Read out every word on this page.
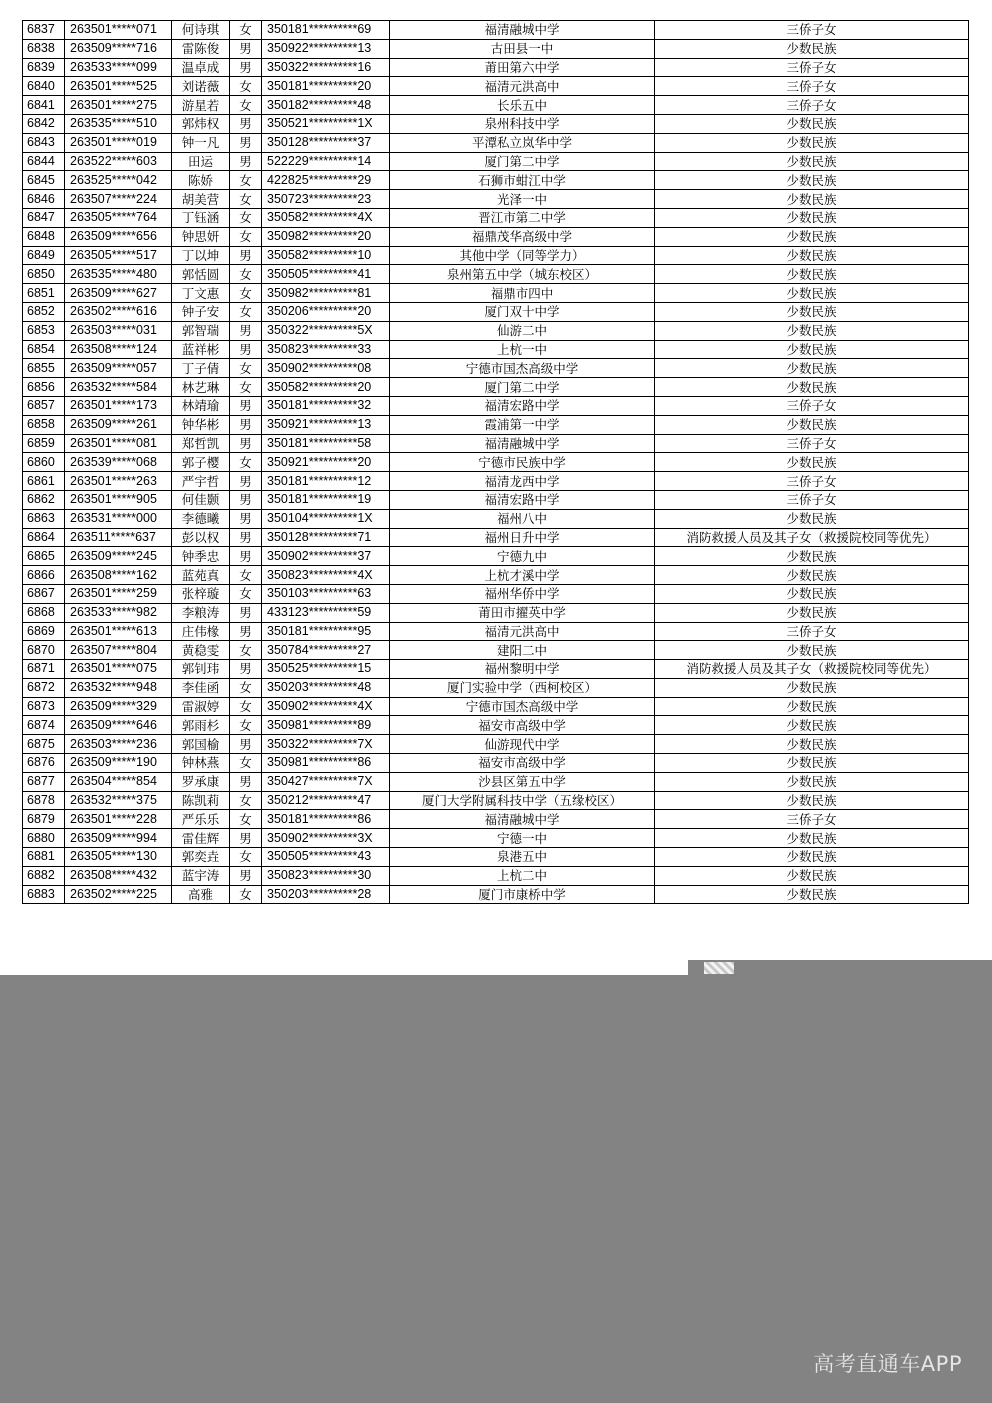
6837	263501*****071	何诗琪	女	350181**********69	福清融城中学	三侨子女
6838	263509*****716	雷陈俊	男	350922**********13	古田县一中	少数民族
6839	263533*****099	温卓成	男	350322**********16	莆田第六中学	三侨子女
6840	263501*****525	刘诺薇	女	350181**********20	福清元洪高中	三侨子女
6841	263501*****275	游星若	女	350182**********48	长乐五中	三侨子女
6842	263535*****510	郭炜权	男	350521**********1X	泉州科技中学	少数民族
6843	263501*****019	钟一凡	男	350128**********37	平潭私立岚华中学	少数民族
6844	263522*****603	田运	男	522229**********14	厦门第二中学	少数民族
6845	263525*****042	陈娇	女	422825**********29	石狮市蚶江中学	少数民族
6846	263507*****224	胡美营	女	350723**********23	光泽一中	少数民族
6847	263505*****764	丁钰涵	女	350582**********4X	晋江市第二中学	少数民族
6848	263509*****656	钟思妍	女	350982**********20	福鼎茂华高级中学	少数民族
6849	263505*****517	丁以坤	男	350582**********10	其他中学（同等学力）	少数民族
6850	263535*****480	郭恬圆	女	350505**********41	泉州第五中学（城东校区）	少数民族
6851	263509*****627	丁文惠	女	350982**********81	福鼎市四中	少数民族
6852	263502*****616	钟子安	女	350206**********20	厦门双十中学	少数民族
6853	263503*****031	郭智瑞	男	350322**********5X	仙游二中	少数民族
6854	263508*****124	蓝祥彬	男	350823**********33	上杭一中	少数民族
6855	263509*****057	丁子倩	女	350902**********08	宁德市国杰高级中学	少数民族
6856	263532*****584	林艺琳	女	350582**********20	厦门第二中学	少数民族
6857	263501*****173	林靖瑜	男	350181**********32	福清宏路中学	三侨子女
6858	263509*****261	钟华彬	男	350921**********13	霞浦第一中学	少数民族
6859	263501*****081	郑哲凯	男	350181**********58	福清融城中学	三侨子女
6860	263539*****068	郭子樱	女	350921**********20	宁德市民族中学	少数民族
6861	263501*****263	严宇哲	男	350181**********12	福清龙西中学	三侨子女
6862	263501*****905	何佳颢	男	350181**********19	福清宏路中学	三侨子女
6863	263531*****000	李德曦	男	350104**********1X	福州八中	少数民族
6864	263511*****637	彭以权	男	350128**********71	福州日升中学	消防救援人员及其子女（救援院校同等优先）
6865	263509*****245	钟季忠	男	350902**********37	宁德九中	少数民族
6866	263508*****162	蓝苑真	女	350823**********4X	上杭才溪中学	少数民族
6867	263501*****259	张梓璇	女	350103**********63	福州华侨中学	少数民族
6868	263533*****982	李粮涛	男	433123**********59	莆田市擢英中学	少数民族
6869	263501*****613	庄伟椽	男	350181**********95	福清元洪高中	三侨子女
6870	263507*****804	黄稳雯	女	350784**********27	建阳二中	少数民族
6871	263501*****075	郭钊玮	男	350525**********15	福州黎明中学	消防救援人员及其子女（救援院校同等优先）
6872	263532*****948	李佳函	女	350203**********48	厦门实验中学（西柯校区）	少数民族
6873	263509*****329	雷淑婷	女	350902**********4X	宁德市国杰高级中学	少数民族
6874	263509*****646	郭雨杉	女	350981**********89	福安市高级中学	少数民族
6875	263503*****236	郭国榆	男	350322**********7X	仙游现代中学	少数民族
6876	263509*****190	钟林燕	女	350981**********86	福安市高级中学	少数民族
6877	263504*****854	罗承康	男	350427**********7X	沙县区第五中学	少数民族
6878	263532*****375	陈凯莉	女	350212**********47	厦门大学附属科技中学（五缘校区）	少数民族
6879	263501*****228	严乐乐	女	350181**********86	福清融城中学	三侨子女
6880	263509*****994	雷佳辉	男	350902**********3X	宁德一中	少数民族
6881	263505*****130	郭奕垚	女	350505**********43	泉港五中	少数民族
6882	263508*****432	蓝宇涛	男	350823**********30	上杭二中	少数民族
6883	263502*****225	高雅	女	350203**********28	厦门市康桥中学	少数民族
高考直通车APP
